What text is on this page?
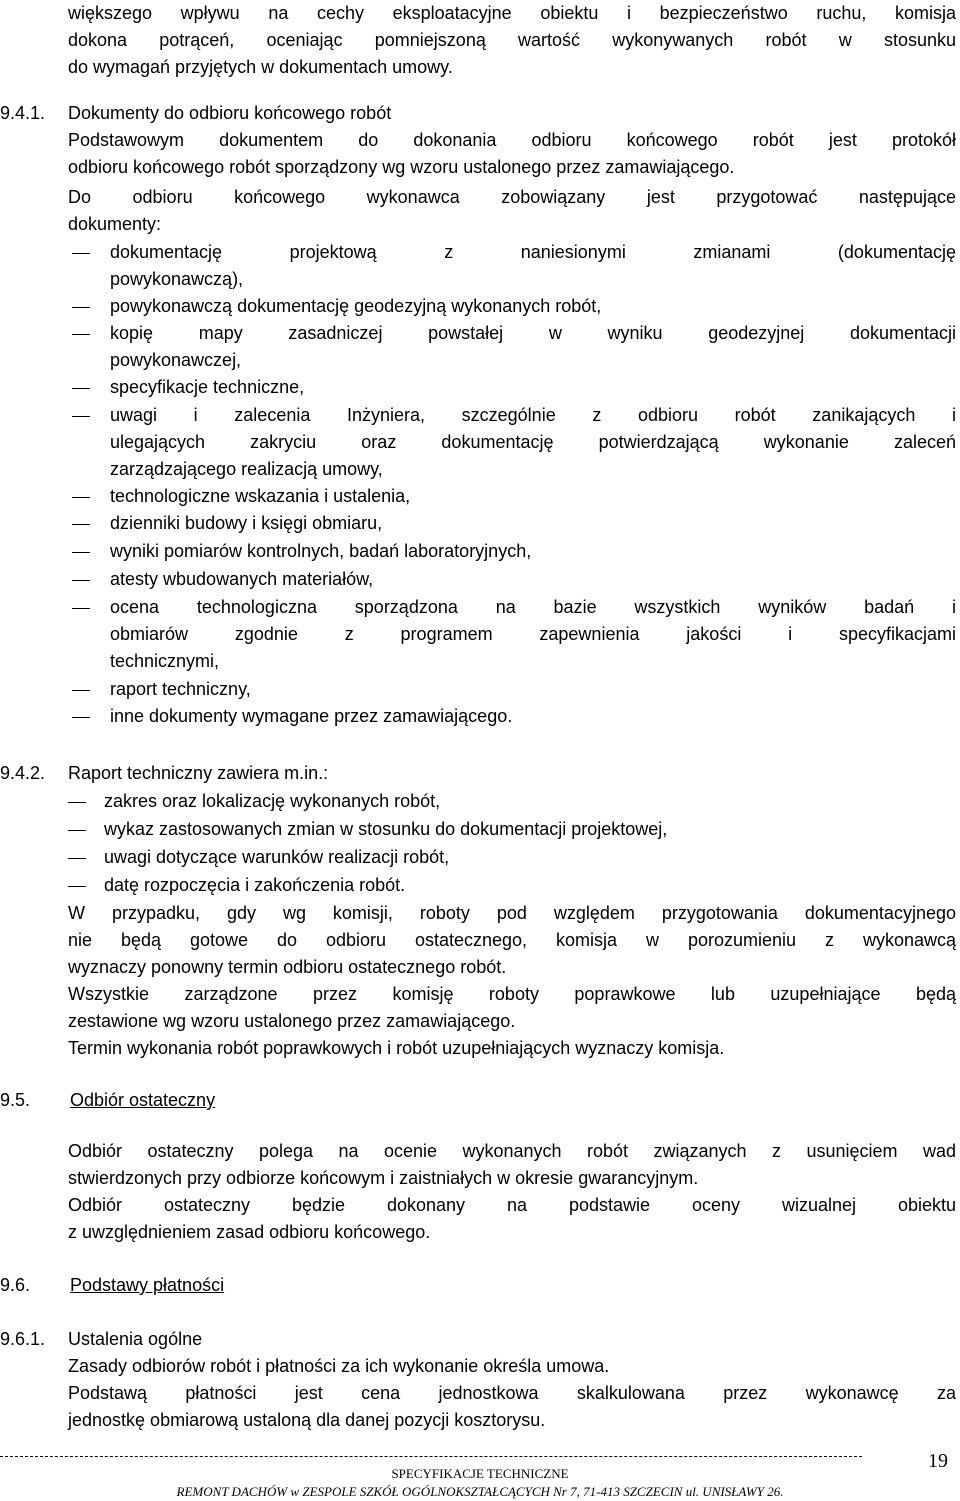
większego wpływu na cechy eksploatacyjne obiektu i bezpieczeństwo ruchu, komisja
dokona potrąceń, oceniając pomniejszoną wartość wykonywanych robót w stosunku
do wymagań przyjętych w dokumentach umowy.
9.4.1. Dokumenty do odbioru końcowego robót
Podstawowym dokumentem do dokonania odbioru końcowego robót jest protokół
odbioru końcowego robót sporządzony wg wzoru ustalonego przez zamawiającego.
Do odbioru końcowego wykonawca zobowiązany jest przygotować następujące
dokumenty:
dokumentację projektową z naniesionymi zmianami (dokumentację
powykonawczą),
powykonawczą dokumentację geodezyjną wykonanych robót,
kopię mapy zasadniczej powstałej w wyniku geodezyjnej dokumentacji
powykonawczej,
specyfikacje techniczne,
uwagi i zalecenia Inżyniera, szczególnie z odbioru robót zanikających i
ulegających zakryciu oraz dokumentację potwierdzającą wykonanie zaleceń
zarządzającego realizacją umowy,
technologiczne wskazania i ustalenia,
dzienniki budowy i księgi obmiaru,
wyniki pomiarów kontrolnych, badań laboratoryjnych,
atesty wbudowanych materiałów,
ocena technologiczna sporządzona na bazie wszystkich wyników badań i
obmiarów zgodnie z programem zapewnienia jakości i specyfikacjami
technicznymi,
raport techniczny,
inne dokumenty wymagane przez zamawiającego.
9.4.2. Raport techniczny zawiera m.in.:
zakres oraz lokalizację wykonanych robót,
wykaz zastosowanych zmian w stosunku do dokumentacji projektowej,
uwagi dotyczące warunków realizacji robót,
datę rozpoczęcia i zakończenia robót.
W przypadku, gdy wg komisji, roboty pod względem przygotowania dokumentacyjnego
nie będą gotowe do odbioru ostatecznego, komisja w porozumieniu z wykonawcą
wyznaczy ponowny termin odbioru ostatecznego robót.
Wszystkie zarządzone przez komisję roboty poprawkowe lub uzupełniające będą
zestawione wg wzoru ustalonego przez zamawiającego.
Termin wykonania robót poprawkowych i robót uzupełniających wyznaczy komisja.
9.5. Odbiór ostateczny
Odbiór ostateczny polega na ocenie wykonanych robót związanych z usunięciem wad
stwierdzonych przy odbiorze końcowym i zaistniałych w okresie gwarancyjnym.
Odbiór ostateczny będzie dokonany na podstawie oceny wizualnej obiektu
z uwzględnieniem zasad odbioru końcowego.
9.6. Podstawy płatności
9.6.1. Ustalenia ogólne
Zasady odbiorów robót i płatności za ich wykonanie określa umowa.
Podstawą płatności jest cena jednostkowa skalkulowana przez wykonawcę za
jednostkę obmiarową ustaloną dla danej pozycji kosztorysu.
19
SPECYFIKACJE TECHNICZNE
REMONT DACHÓW w ZESPOLE SZKÓŁ OGÓLNOKSZTAŁCĄCYCH Nr 7, 71-413 SZCZECIN ul. UNISŁAWY 26.
